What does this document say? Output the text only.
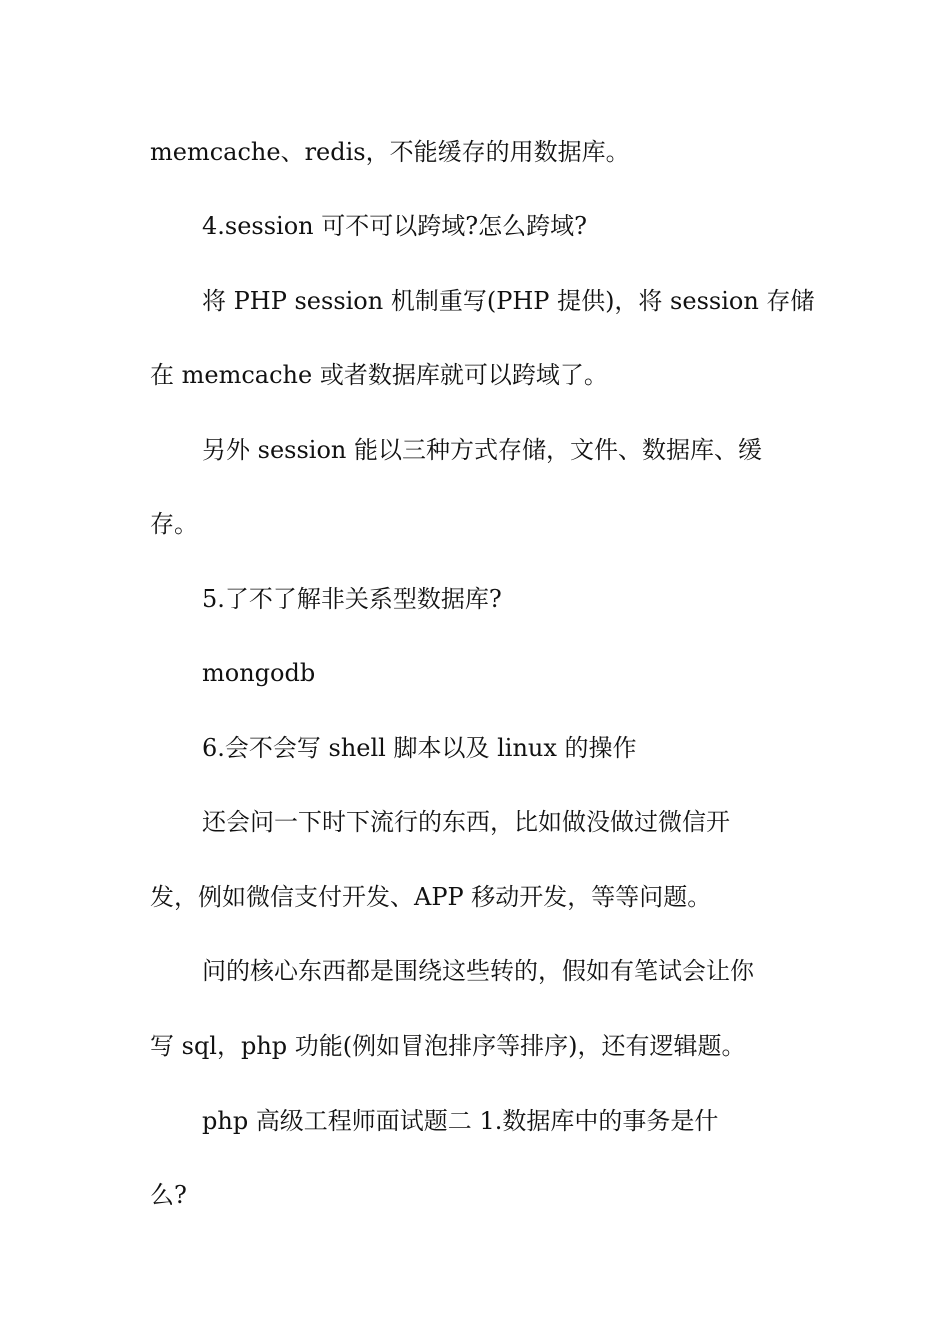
memcache、redis，不能缓存的用数据库。
4.session 可不可以跨域?怎么跨域?
将 PHP session 机制重写(PHP 提供)，将 session 存储
在 memcache 或者数据库就可以跨域了。
另外 session 能以三种方式存储，文件、数据库、缓
存。
5.了不了解非关系型数据库?
mongodb
6.会不会写 shell 脚本以及 linux 的操作
还会问一下时下流行的东西，比如做没做过微信开
发，例如微信支付开发、APP 移动开发，等等问题。
问的核心东西都是围绕这些转的，假如有笔试会让你
写 sql，php 功能(例如冒泡排序等排序)，还有逻辑题。
php 高级工程师面试题二 1.数据库中的事务是什
么?
